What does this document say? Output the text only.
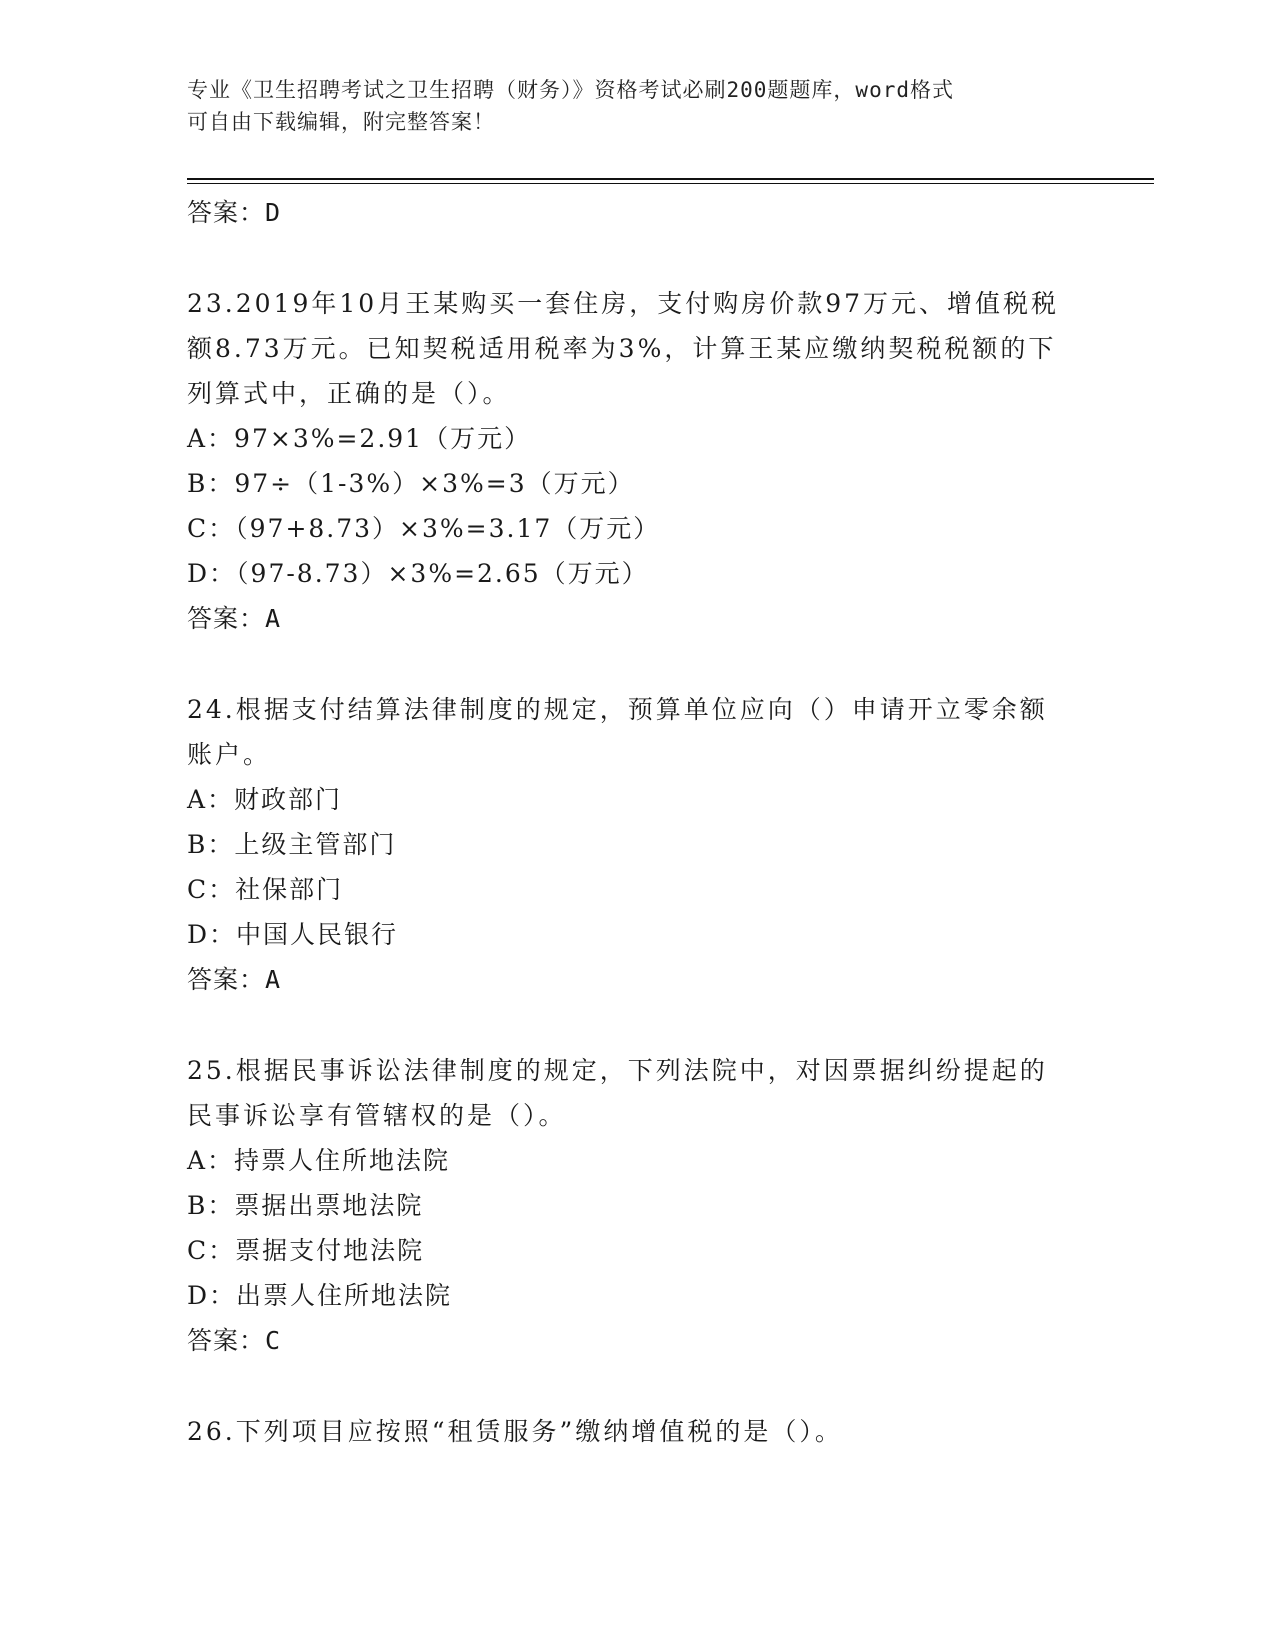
专业《卫生招聘考试之卫生招聘（财务）》资格考试必刷200题题库，word格式
可自由下载编辑，附完整答案！
答案：D
23.2019年10月王某购买一套住房，支付购房价款97万元、增值税税
额8.73万元。已知契税适用税率为3%，计算王某应缴纳契税税额的下
列算式中，正确的是（）。
A：97×3%=2.91（万元）
B：97÷（1-3%）×3%=3（万元）
C：（97+8.73）×3%=3.17（万元）
D：（97-8.73）×3%=2.65（万元）
答案：A
24.根据支付结算法律制度的规定，预算单位应向（）申请开立零余额
账户。
A：财政部门
B：上级主管部门
C：社保部门
D：中国人民银行
答案：A
25.根据民事诉讼法律制度的规定，下列法院中，对因票据纠纷提起的
民事诉讼享有管辖权的是（）。
A：持票人住所地法院
B：票据出票地法院
C：票据支付地法院
D：出票人住所地法院
答案：C
26.下列项目应按照“租赁服务”缴纳增值税的是（）。
